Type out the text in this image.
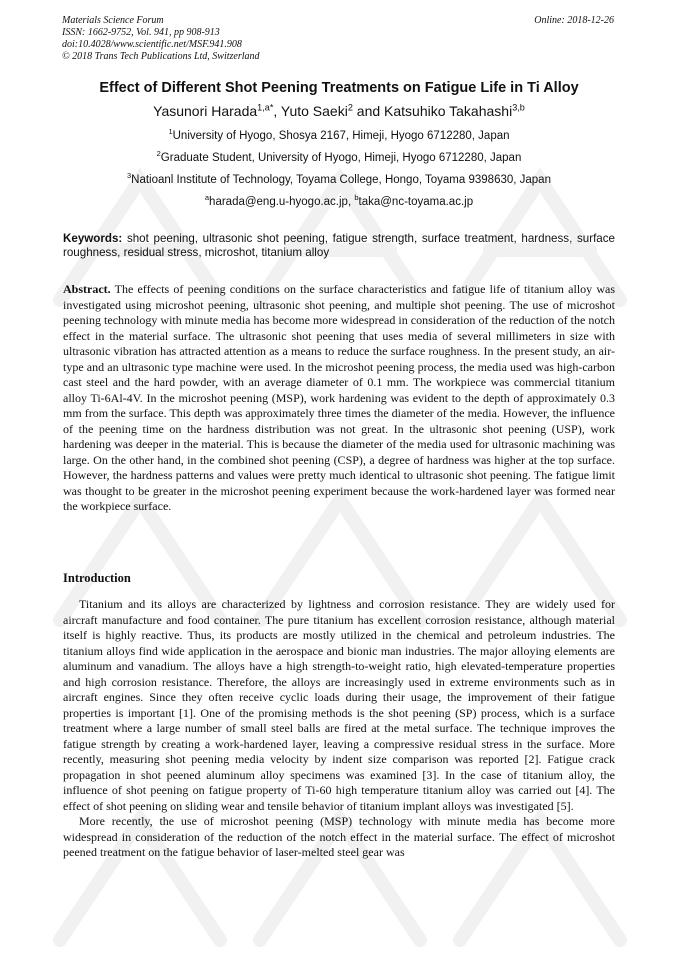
Materials Science Forum
ISSN: 1662-9752, Vol. 941, pp 908-913
doi:10.4028/www.scientific.net/MSF.941.908
© 2018 Trans Tech Publications Ltd, Switzerland
Online: 2018-12-26
Effect of Different Shot Peening Treatments on Fatigue Life in Ti Alloy
Yasunori Harada$^{1,a*}$, Yuto Saeki$^2$ and Katsuhiko Takahashi$^{3,b}$
$^1$University of Hyogo, Shosya 2167, Himeji, Hyogo 6712280, Japan
$^2$Graduate Student, University of Hyogo, Himeji, Hyogo 6712280, Japan
$^3$Natioanl Institute of Technology, Toyama College, Hongo, Toyama 9398630, Japan
$^a$harada@eng.u-hyogo.ac.jp, $^b$taka@nc-toyama.ac.jp
Keywords: shot peening, ultrasonic shot peening, fatigue strength, surface treatment, hardness, surface roughness, residual stress, microshot, titanium alloy
Abstract. The effects of peening conditions on the surface characteristics and fatigue life of titanium alloy was investigated using microshot peening, ultrasonic shot peening, and multiple shot peening. The use of microshot peening technology with minute media has become more widespread in consideration of the reduction of the notch effect in the material surface. The ultrasonic shot peening that uses media of several millimeters in size with ultrasonic vibration has attracted attention as a means to reduce the surface roughness. In the present study, an air-type and an ultrasonic type machine were used. In the microshot peening process, the media used was high-carbon cast steel and the hard powder, with an average diameter of 0.1 mm. The workpiece was commercial titanium alloy Ti-6Al-4V. In the microshot peening (MSP), work hardening was evident to the depth of approximately 0.3 mm from the surface. This depth was approximately three times the diameter of the media. However, the influence of the peening time on the hardness distribution was not great. In the ultrasonic shot peening (USP), work hardening was deeper in the material. This is because the diameter of the media used for ultrasonic machining was large. On the other hand, in the combined shot peening (CSP), a degree of hardness was higher at the top surface. However, the hardness patterns and values were pretty much identical to ultrasonic shot peening. The fatigue limit was thought to be greater in the microshot peening experiment because the work-hardened layer was formed near the workpiece surface.
Introduction

Titanium and its alloys are characterized by lightness and corrosion resistance. They are widely used for aircraft manufacture and food container. The pure titanium has excellent corrosion resistance, although material itself is highly reactive. Thus, its products are mostly utilized in the chemical and petroleum industries. The titanium alloys find wide application in the aerospace and bionic man industries. The major alloying elements are aluminum and vanadium. The alloys have a high strength-to-weight ratio, high elevated-temperature properties and high corrosion resistance. Therefore, the alloys are increasingly used in extreme environments such as in aircraft engines. Since they often receive cyclic loads during their usage, the improvement of their fatigue properties is important [1]. One of the promising methods is the shot peening (SP) process, which is a surface treatment where a large number of small steel balls are fired at the metal surface. The technique improves the fatigue strength by creating a work-hardened layer, leaving a compressive residual stress in the surface. More recently, measuring shot peening media velocity by indent size comparison was reported [2]. Fatigue crack propagation in shot peened aluminum alloy specimens was examined [3]. In the case of titanium alloy, the influence of shot peening on fatigue property of Ti-60 high temperature titanium alloy was carried out [4]. The effect of shot peening on sliding wear and tensile behavior of titanium implant alloys was investigated [5].

More recently, the use of microshot peening (MSP) technology with minute media has become more widespread in consideration of the reduction of the notch effect in the material surface. The effect of microshot peened treatment on the fatigue behavior of laser-melted steel gear was
